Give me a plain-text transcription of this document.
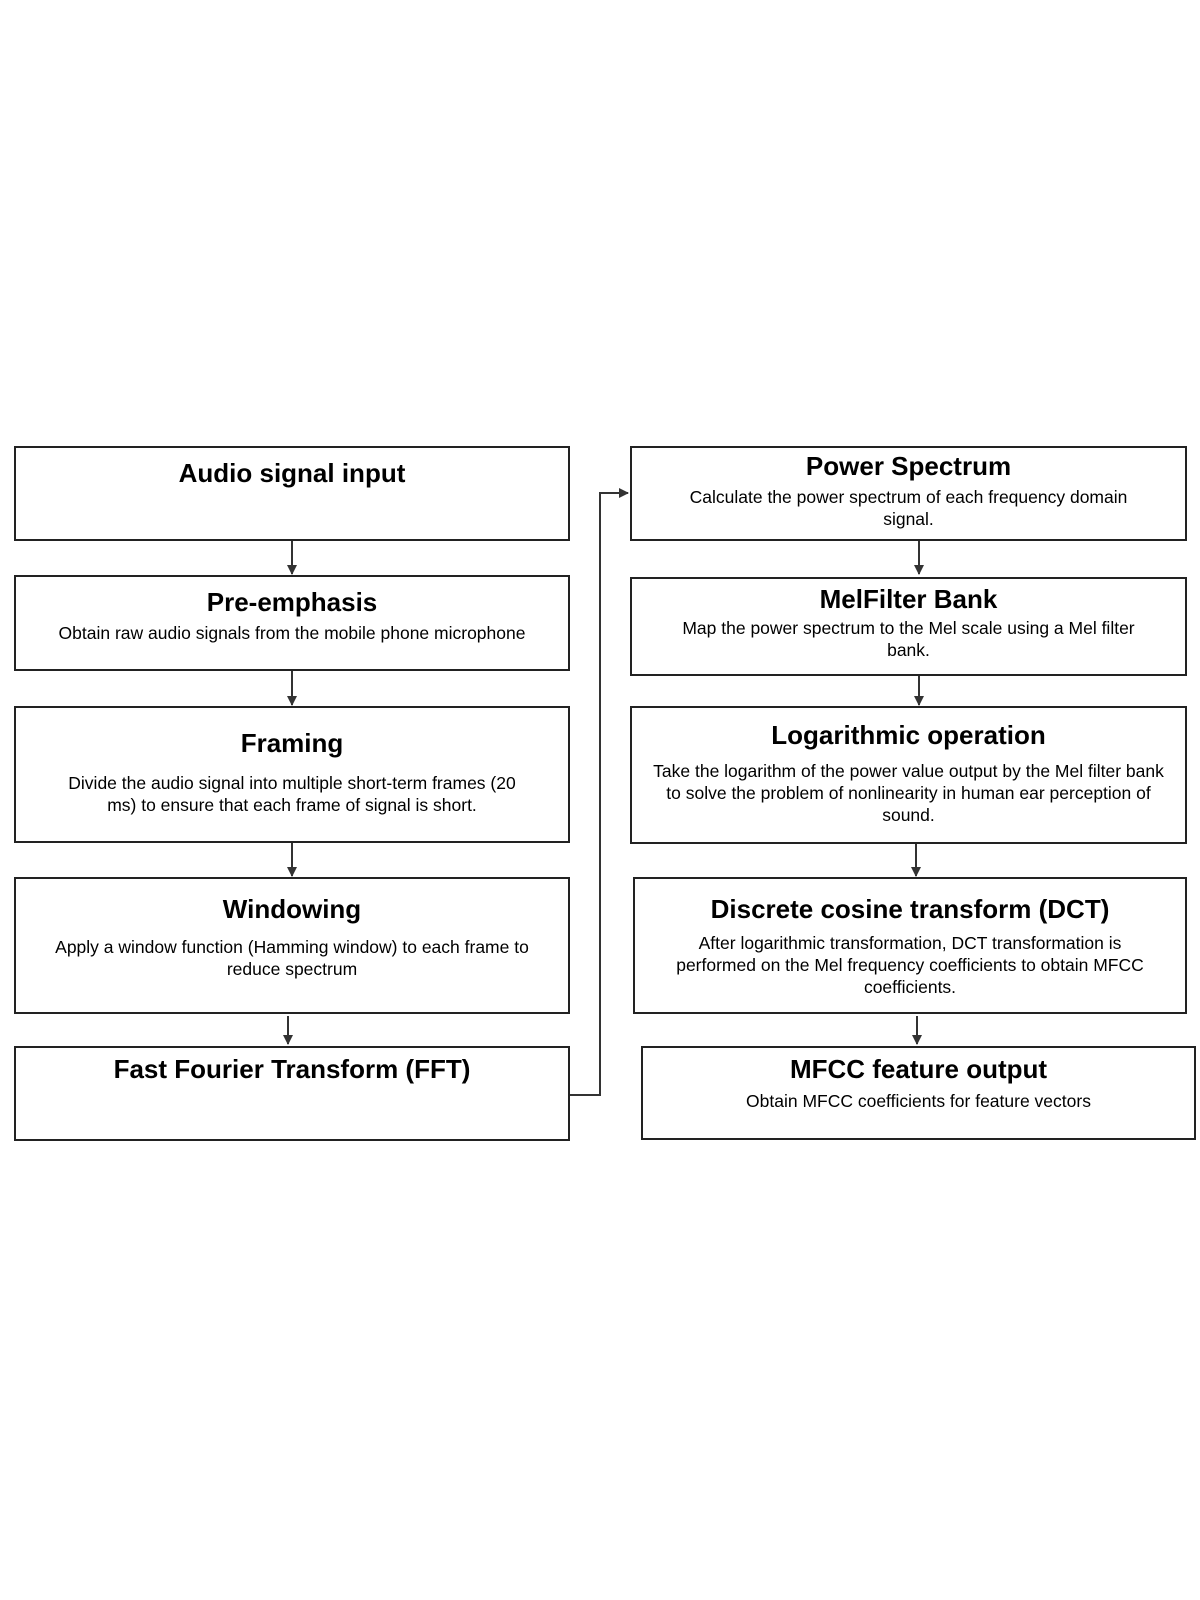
Audio signal input
Pre-emphasis
Obtain raw audio signals from the mobile phone microphone
Framing
Divide the audio signal into multiple short-term frames (20 ms) to ensure that each frame of signal is short.
Windowing
Apply a window function (Hamming window) to each frame to reduce spectrum
Fast Fourier Transform (FFT)
Power Spectrum
Calculate the power spectrum of each frequency domain signal.
MelFilter Bank
Map the power spectrum to the Mel scale using a Mel filter bank.
Logarithmic operation
Take the logarithm of the power value output by the Mel filter bank to solve the problem of nonlinearity in human ear perception of sound.
Discrete cosine transform (DCT)
After logarithmic transformation, DCT transformation is performed on the Mel frequency coefficients to obtain MFCC coefficients.
MFCC feature output
Obtain MFCC coefficients for feature vectors
